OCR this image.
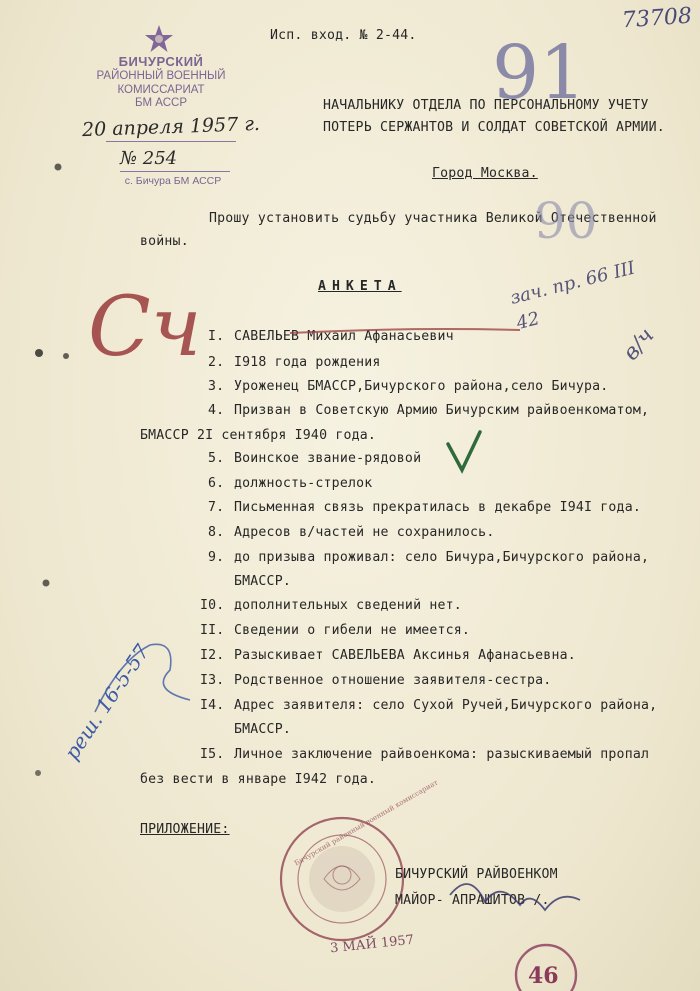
73708
Исп. вход. № 2-44.
БИЧУРСКИЙ
РАЙОННЫЙ ВОЕННЫЙ
КОМИССАРИАТ
БМ АССР
20 апреля 1957 г.
№ 254
с. Бичура БМ АССР
НАЧАЛЬНИКУ ОТДЕЛА ПО ПЕРСОНАЛЬНОМУ УЧЕТУ
ПОТЕРЬ СЕРЖАНТОВ И СОЛДАТ СОВЕТСКОЙ АРМИИ.
Город Москва.
Прошу установить судьбу участника Великой Отечественной
войны.
АНКЕТА
I. САВЕЛЬЕВ Михаил Афанасьевич
2. I918 года рождения
3. Уроженец БМАССР,Бичурского района,село Бичура.
4. Призван в Советскую Армию Бичурским райвоенкоматом,
БМАССР 2I сентября I940 года.
5. Воинское звание-рядовой
6. должность-стрелок
7. Письменная связь прекратилась в декабре I94I года.
8. Адресов в/частей не сохранилось.
9. до призыва проживал: село Бичура,Бичурского района,
БМАССР.
I0. дополнительных сведений нет.
II. Сведении о гибели не имеется.
I2. Разыскивает САВЕЛЬЕВА Аксинья Афанасьевна.
I3. Родственное отношение заявителя-сестра.
I4. Адрес заявителя: село Сухой Ручей,Бичурского района,
БМАССР.
I5. Личное заключение райвоенкома: разыскиваемый пропал
без вести в январе I942 года.
ПРИЛОЖЕНИЕ:	Бичурский районный военный комиссариат
3 МАЙ 1957
БИЧУРСКИЙ РАЙВОЕНКОМ
МАЙОР- АПРАШИТОВ /.
91
90
Сч	зач. пр. 66 III 42
в/ч
реш. 16-5-57
46
